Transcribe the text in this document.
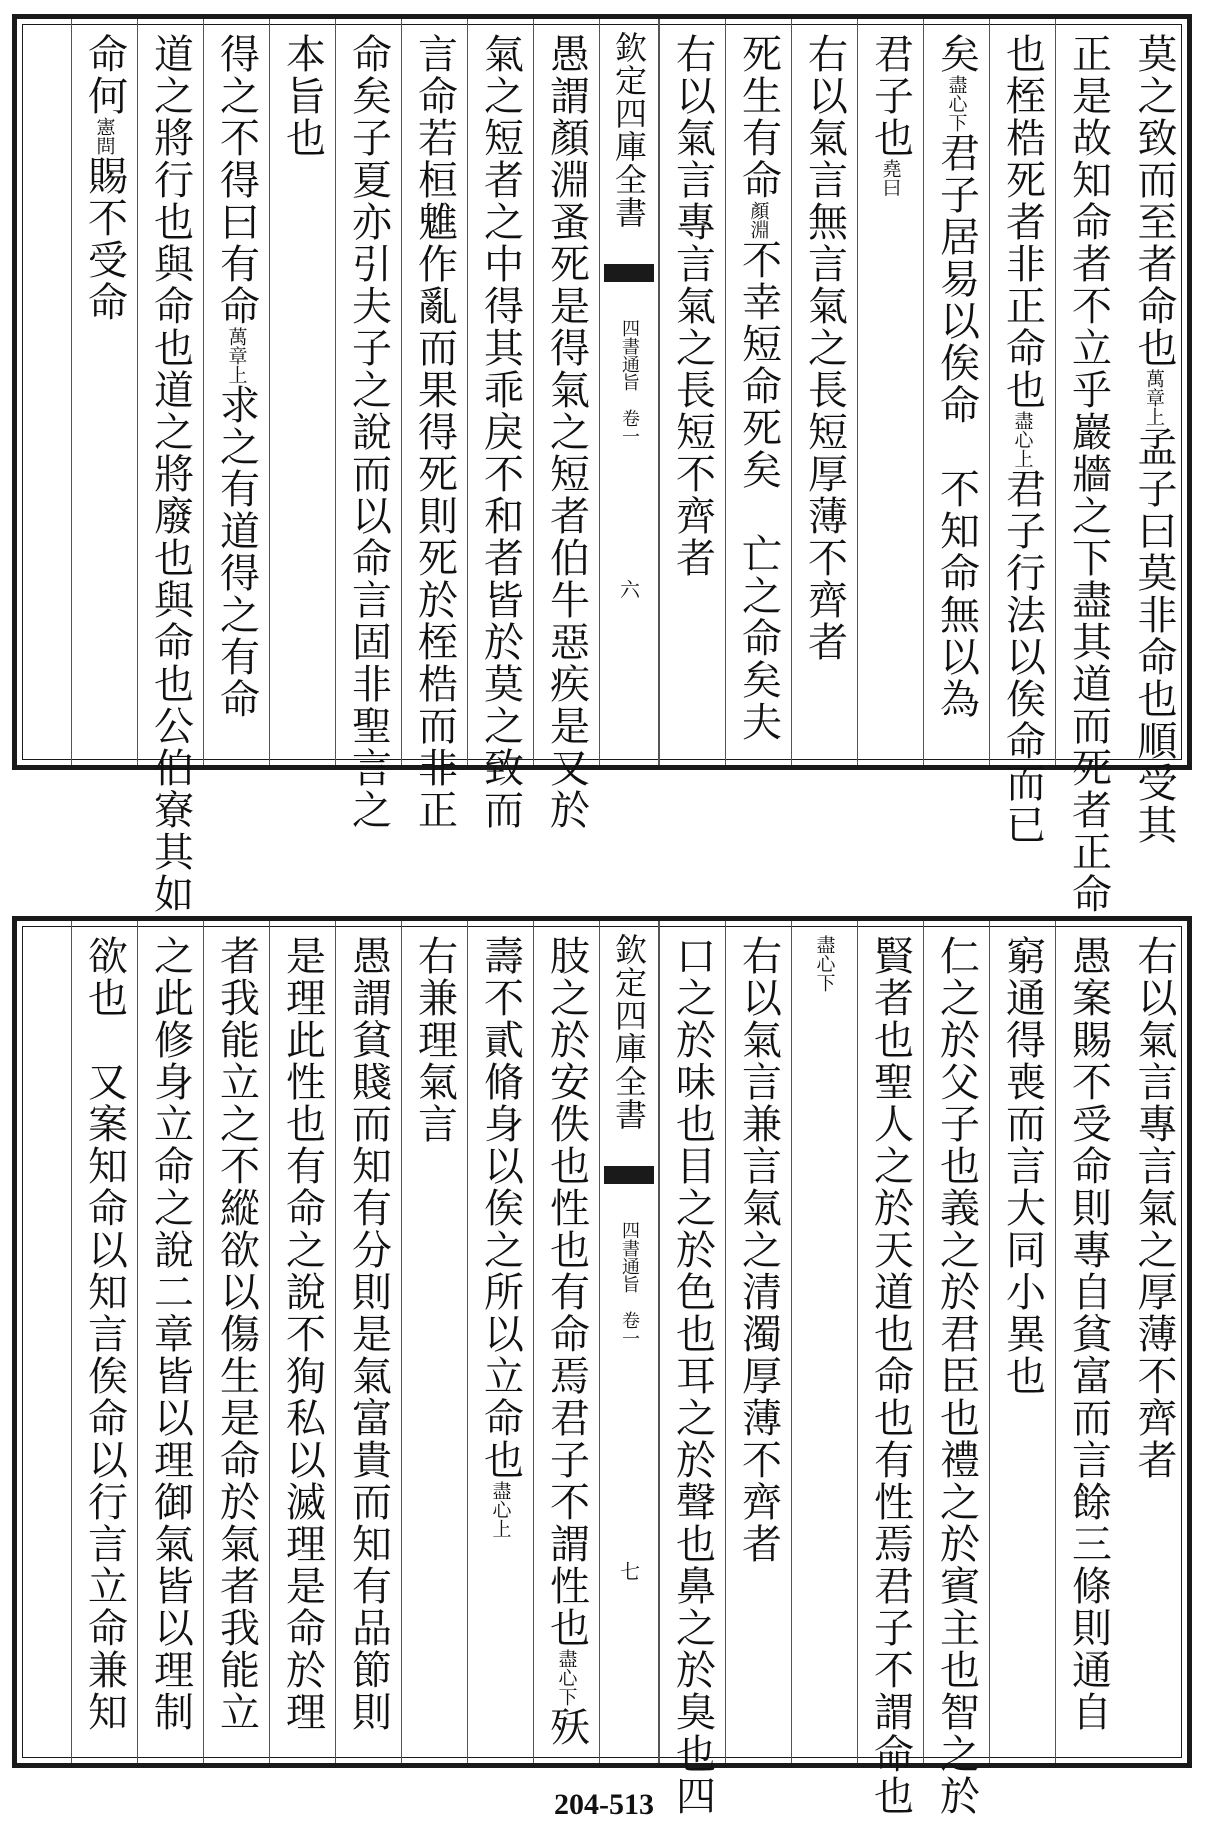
莫之致而至者命也萬章上孟子曰莫非命也順受其
正是故知命者不立乎巖牆之下盡其道而死者正命
也桎梏死者非正命也盡心上君子行法以俟命而已
矣盡心下君子居易以俟命　不知命無以為
君子也堯曰
右以氣言無言氣之長短厚薄不齊者
死生有命顏淵不幸短命死矣　亡之命矣夫
右以氣言專言氣之長短不齊者
欽定四庫全書
四書通旨　卷一
六
愚謂顏淵蚤死是得氣之短者伯牛惡疾是又於
氣之短者之中得其乖戾不和者皆於莫之致而
言命若桓魋作亂而果得死則死於桎梏而非正
命矣子夏亦引夫子之說而以命言固非聖言之
本旨也
得之不得曰有命萬章上求之有道得之有命
道之將行也與命也道之將廢也與命也公伯寮其如
命何憲問賜不受命
右以氣言專言氣之厚薄不齊者
愚案賜不受命則專自貧富而言餘三條則通自
窮通得喪而言大同小異也
仁之於父子也義之於君臣也禮之於賓主也智之於
賢者也聖人之於天道也命也有性焉君子不謂命也
盡心下
右以氣言兼言氣之清濁厚薄不齊者
口之於味也目之於色也耳之於聲也鼻之於臭也四
欽定四庫全書
四書通旨　卷一
七
肢之於安佚也性也有命焉君子不謂性也盡心下殀
壽不貳脩身以俟之所以立命也盡心上
右兼理氣言
愚謂貧賤而知有分則是氣富貴而知有品節則
是理此性也有命之說不狥私以滅理是命於理
者我能立之不縱欲以傷生是命於氣者我能立
之此修身立命之說二章皆以理御氣皆以理制
欲也　又案知命以知言俟命以行言立命兼知
204-513
